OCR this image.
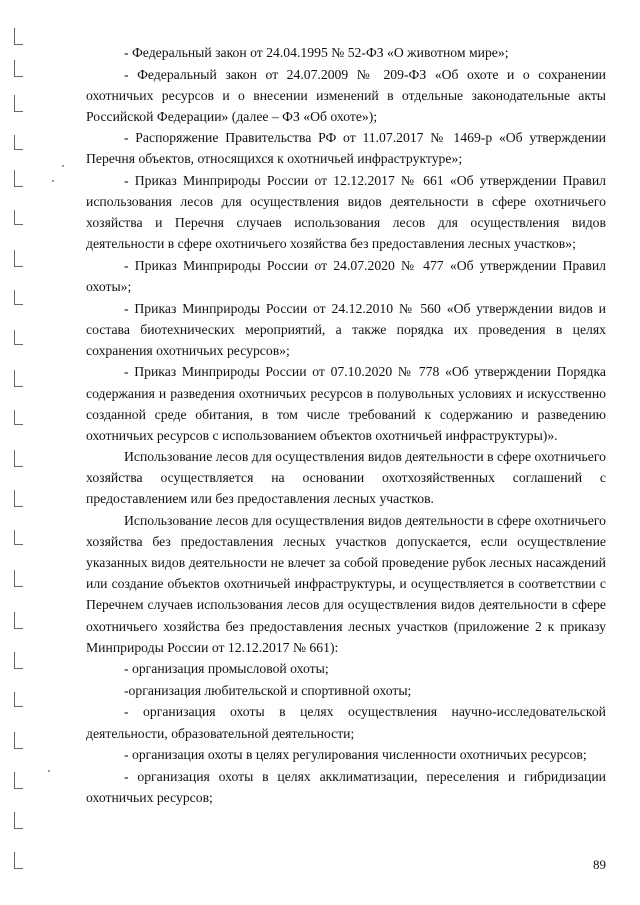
- Федеральный закон от 24.04.1995 № 52-ФЗ «О животном мире»;

- Федеральный закон от 24.07.2009 № 209-ФЗ «Об охоте и о сохранении охотничьих ресурсов и о внесении изменений в отдельные законодательные акты Российской Федерации» (далее – ФЗ «Об охоте»);

- Распоряжение Правительства РФ от 11.07.2017 № 1469-р «Об утверждении Перечня объектов, относящихся к охотничьей инфраструктуре»;

- Приказ Минприроды России от 12.12.2017 № 661 «Об утверждении Правил использования лесов для осуществления видов деятельности в сфере охотничьего хозяйства и Перечня случаев использования лесов для осуществления видов деятельности в сфере охотничьего хозяйства без предоставления лесных участков»;

- Приказ Минприроды России от 24.07.2020 № 477 «Об утверждении Правил охоты»;

- Приказ Минприроды России от 24.12.2010 № 560 «Об утверждении видов и состава биотехнических мероприятий, а также порядка их проведения в целях сохранения охотничьих ресурсов»;

- Приказ Минприроды России от 07.10.2020 № 778 «Об утверждении Порядка содержания и разведения охотничьих ресурсов в полувольных условиях и искусственно созданной среде обитания, в том числе требований к содержанию и разведению охотничьих ресурсов с использованием объектов охотничьей инфраструктуры)».

Использование лесов для осуществления видов деятельности в сфере охотничьего хозяйства осуществляется на основании охотхозяйственных соглашений с предоставлением или без предоставления лесных участков.

Использование лесов для осуществления видов деятельности в сфере охотничьего хозяйства без предоставления лесных участков допускается, если осуществление указанных видов деятельности не влечет за собой проведение рубок лесных насаждений или создание объектов охотничьей инфраструктуры, и осуществляется в соответствии с Перечнем случаев использования лесов для осуществления видов деятельности в сфере охотничьего хозяйства без предоставления лесных участков (приложение 2 к приказу Минприроды России от 12.12.2017 № 661):

- организация промысловой охоты;

-организация любительской и спортивной охоты;

- организация охоты в целях осуществления научно-исследовательской деятельности, образовательной деятельности;

- организация охоты в целях регулирования численности охотничьих ресурсов;

- организация охоты в целях акклиматизации, переселения и гибридизации охотничьих ресурсов;

89
